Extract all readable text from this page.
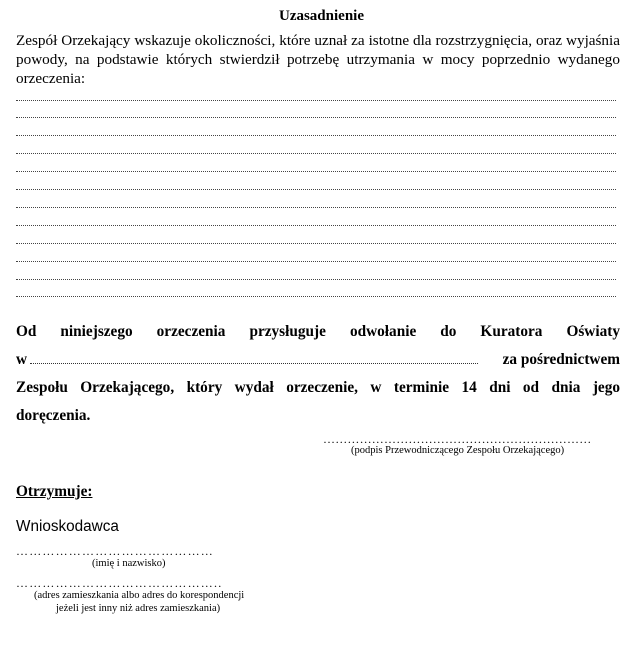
Uzasadnienie
Zespół Orzekający wskazuje okoliczności, które uznał za istotne dla rozstrzygnięcia, oraz wyjaśnia powody, na podstawie których stwierdził potrzebę utrzymania w mocy poprzednio wydanego orzeczenia:
Od niniejszego orzeczenia przysługuje odwołanie do Kuratora Oświaty
w	za pośrednictwem
Zespołu Orzekającego, który wydał orzeczenie, w terminie 14 dni od dnia jego
doręczenia.
…………………………………………………………
(podpis Przewodniczącego Zespołu Orzekającego)
Otrzymuje:
Wnioskodawca
………………………………………
(imię i nazwisko)
………………………………………..
(adres zamieszkania albo adres do korespondencji
jeżeli jest inny niż adres zamieszkania)
